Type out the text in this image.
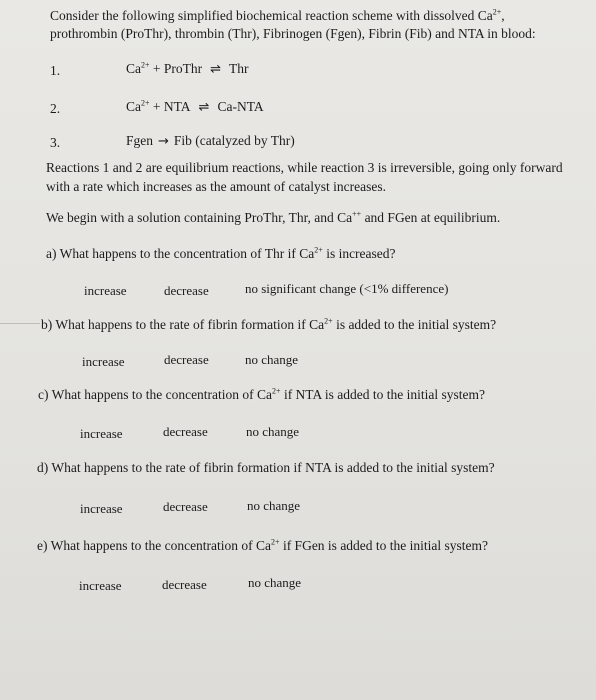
Consider the following simplified biochemical reaction scheme with dissolved $Ca^{2+}$,
prothrombin (ProThr), thrombin (Thr), Fibrinogen (Fgen), Fibrin (Fib) and NTA in blood:
1.	$Ca^{2+}$ + ProThr ⇌ Thr
2.	$Ca^{2+}$ + NTA ⇌ Ca-NTA
3.	Fgen → Fib (catalyzed by Thr)
Reactions 1 and 2 are equilibrium reactions, while reaction 3 is irreversible, going only forward
with a rate which increases as the amount of catalyst increases.
We begin with a solution containing ProThr, Thr, and Ca++ and FGen at equilibrium.
a) What happens to the concentration of Thr if $Ca^{2+}$ is increased?
increase	decrease	no significant change (<1% difference)
b) What happens to the rate of fibrin formation if $Ca^{2+}$ is added to the initial system?
increase	decrease	no change
c) What happens to the concentration of $Ca^{2+}$ if NTA is added to the initial system?
increase	decrease	no change
d) What happens to the rate of fibrin formation if NTA is added to the initial system?
increase	decrease	no change
e) What happens to the concentration of $Ca^{2+}$ if FGen is added to the initial system?
increase	decrease	no change
